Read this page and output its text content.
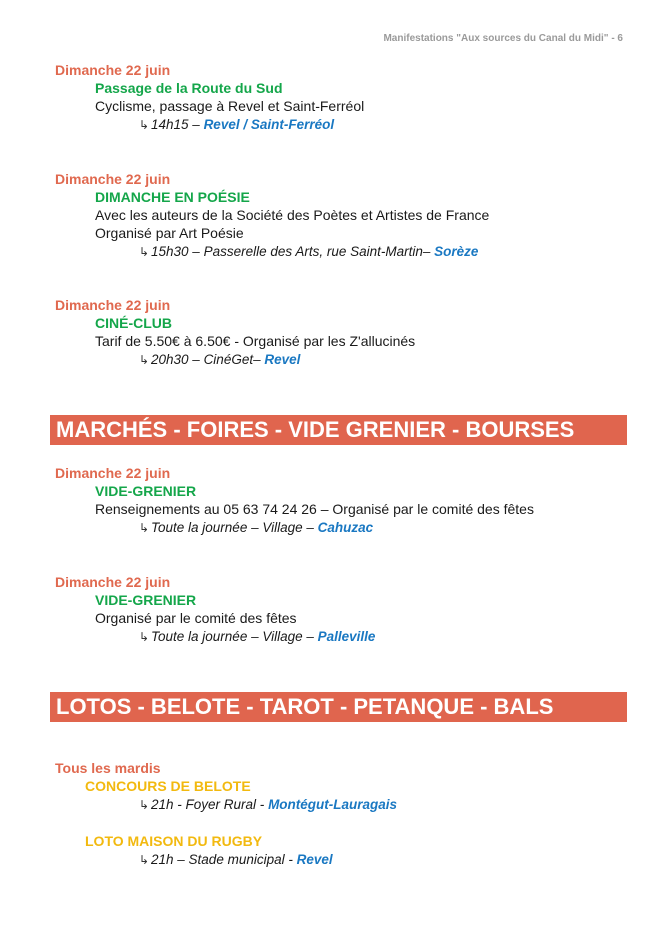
Manifestations "Aux sources du Canal du Midi" - 6
Dimanche 22 juin
Passage de la Route du Sud
Cyclisme, passage à Revel et Saint-Ferréol
↳ 14h15 – Revel / Saint-Ferréol
Dimanche 22 juin
DIMANCHE EN POÉSIE
Avec les auteurs de la Société des Poètes et Artistes de France
Organisé par Art Poésie
↳ 15h30 – Passerelle des Arts, rue Saint-Martin– Sorèze
Dimanche 22 juin
CINÉ-CLUB
Tarif de 5.50€ à 6.50€ - Organisé par les Z'allucinés
↳ 20h30 – CinéGet– Revel
MARCHÉS - FOIRES - VIDE GRENIER - BOURSES
Dimanche 22 juin
VIDE-GRENIER
Renseignements au 05 63 74 24 26 – Organisé par le comité des fêtes
↳ Toute la journée – Village – Cahuzac
Dimanche 22 juin
VIDE-GRENIER
Organisé par le comité des fêtes
↳ Toute la journée – Village – Palleville
LOTOS - BELOTE - TAROT - PETANQUE - BALS
Tous les mardis
CONCOURS DE BELOTE
↳ 21h - Foyer Rural - Montégut-Lauragais
LOTO MAISON DU RUGBY
↳ 21h – Stade municipal - Revel
